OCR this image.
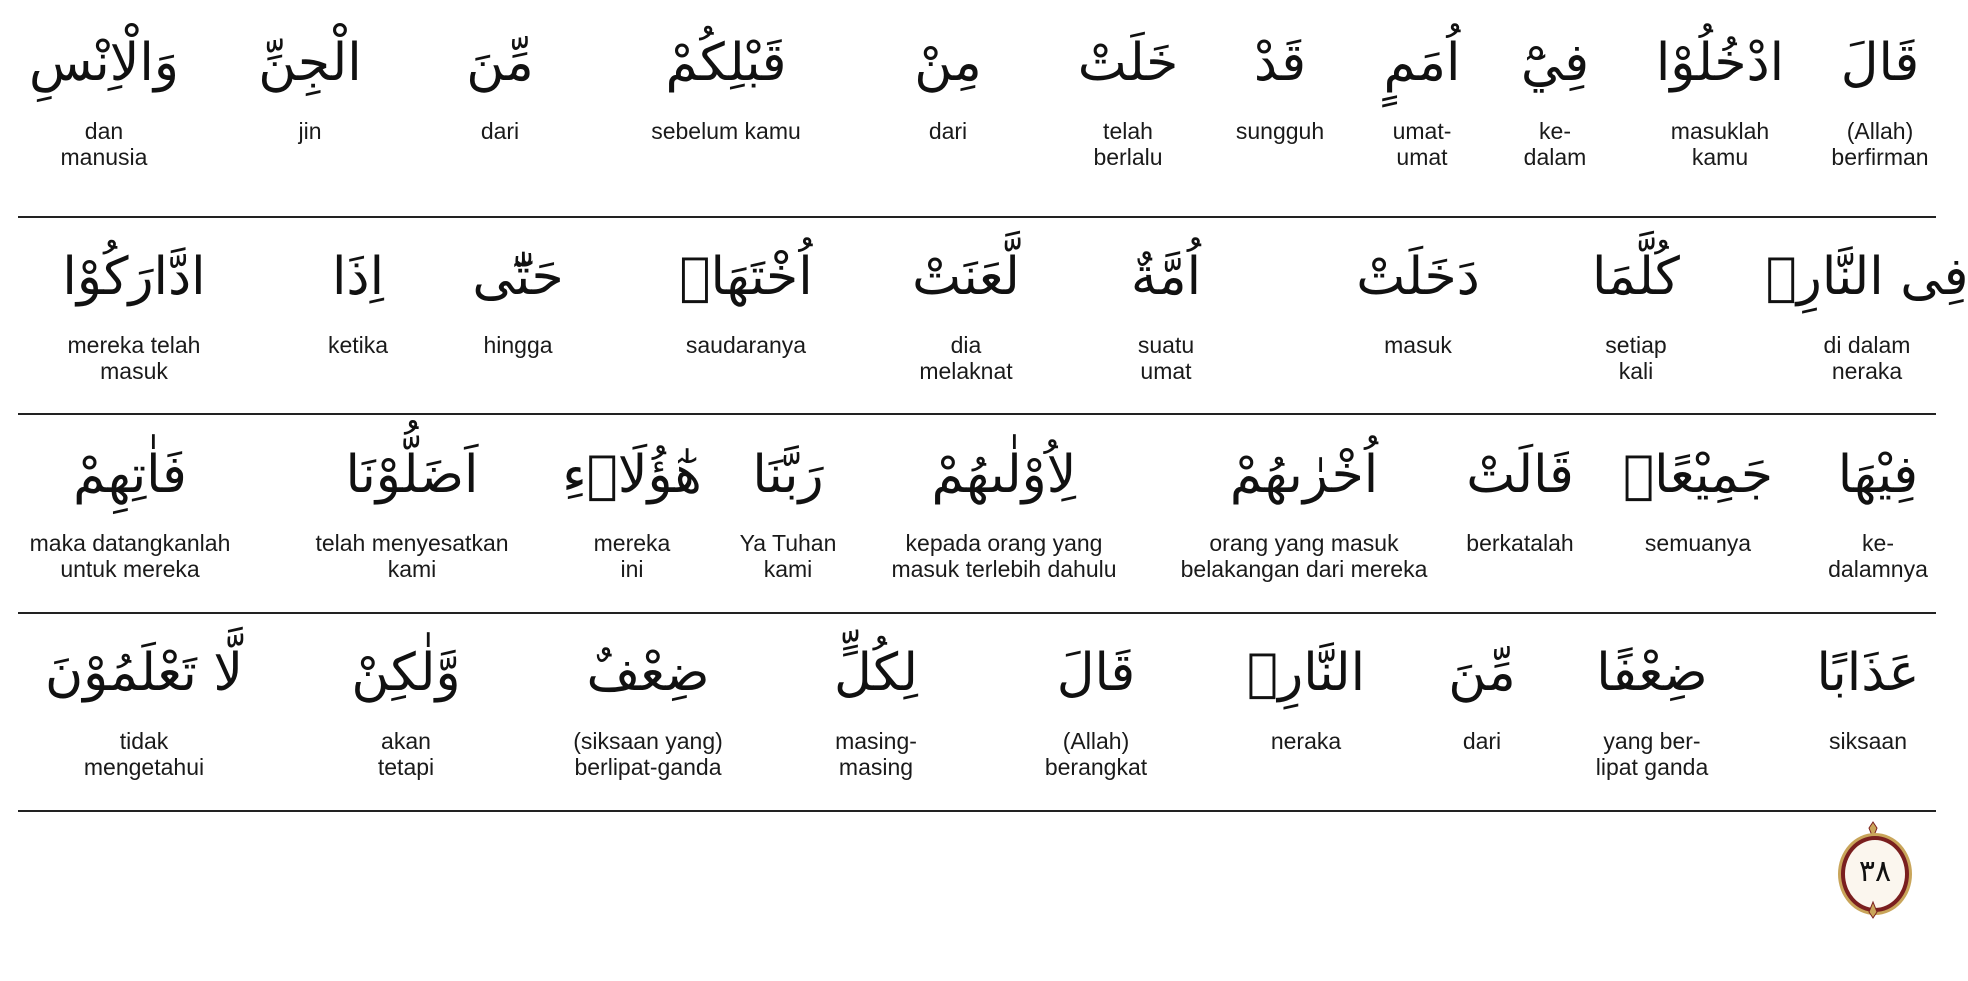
قَالَ
(Allah)
berfirman
ادْخُلُوْا
masuklah
kamu
فِيْٓ
ke-
dalam
اُمَمٍ
umat-
umat
قَدْ
sungguh
خَلَتْ
telah
berlalu
مِنْ
dari
قَبْلِكُمْ
sebelum kamu
مِّنَ
dari
الْجِنِّ
jin
وَالْاِنْسِ
dan
manusia
فِى النَّارِۗ
di dalam
neraka
كُلَّمَا
setiap
kali
دَخَلَتْ
masuk
اُمَّةٌ
suatu
umat
لَّعَنَتْ
dia
melaknat
اُخْتَهَاۗ
saudaranya
حَتّٰٓى
hingga
اِذَا
ketika
ادَّارَكُوْا
mereka telah
masuk
فِيْهَا
ke-
dalamnya
جَمِيْعًاۙ
semuanya
قَالَتْ
berkatalah
اُخْرٰىهُمْ
orang yang masuk
belakangan dari mereka
لِاُوْلٰىهُمْ
kepada orang yang
masuk terlebih dahulu
رَبَّنَا
Ya Tuhan
kami
هٰٓؤُلَاۤءِ
mereka
ini
اَضَلُّوْنَا
telah menyesatkan
kami
فَاٰتِهِمْ
maka datangkanlah
untuk mereka
عَذَابًا
siksaan
ضِعْفًا
yang ber-
lipat ganda
مِّنَ
dari
النَّارِۗ
neraka
قَالَ
(Allah)
berangkat
لِكُلٍّ
masing-
masing
ضِعْفٌ
(siksaan yang)
berlipat-ganda
وَّلٰكِنْ
akan
tetapi
لَّا تَعْلَمُوْنَ
tidak
mengetahui
٣٨
